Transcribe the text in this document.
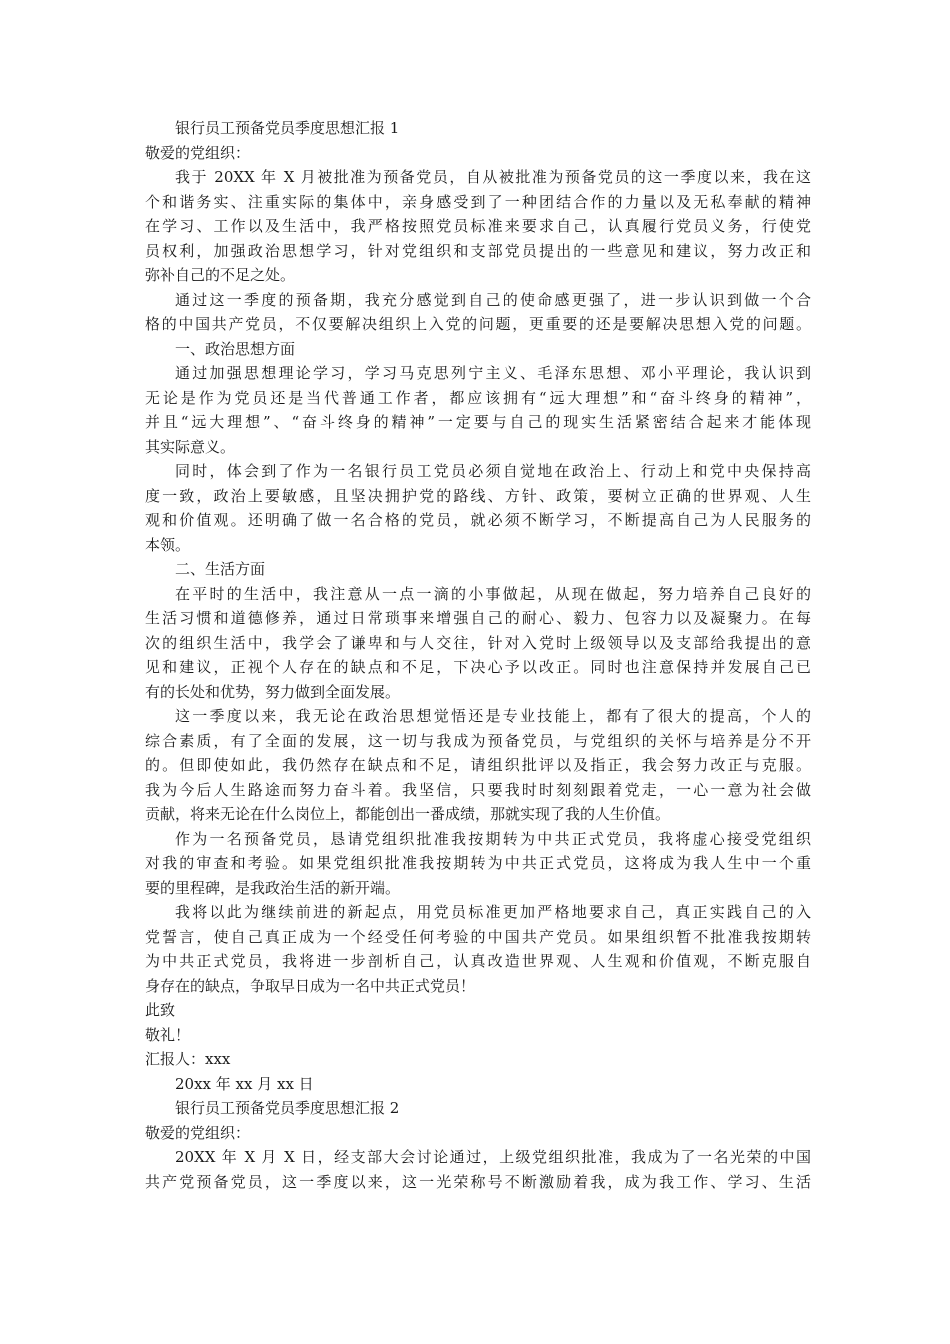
银行员工预备党员季度思想汇报 1
敬爱的党组织：
我于 20XX 年 X 月被批准为预备党员，自从被批准为预备党员的这一季度以来，我在这
个和谐务实、注重实际的集体中，亲身感受到了一种团结合作的力量以及无私奉献的精神
在学习、工作以及生活中，我严格按照党员标准来要求自己，认真履行党员义务，行使党
员权利，加强政治思想学习，针对党组织和支部党员提出的一些意见和建议，努力改正和
弥补自己的不足之处。
通过这一季度的预备期，我充分感觉到自己的使命感更强了，进一步认识到做一个合
格的中国共产党员，不仅要解决组织上入党的问题，更重要的还是要解决思想入党的问题。
一、政治思想方面
通过加强思想理论学习，学习马克思列宁主义、毛泽东思想、邓小平理论，我认识到
无论是作为党员还是当代普通工作者，都应该拥有“远大理想”和“奋斗终身的精神”，
并且“远大理想”、“奋斗终身的精神”一定要与自己的现实生活紧密结合起来才能体现
其实际意义。
同时，体会到了作为一名银行员工党员必须自觉地在政治上、行动上和党中央保持高
度一致，政治上要敏感，且坚决拥护党的路线、方针、政策，要树立正确的世界观、人生
观和价值观。还明确了做一名合格的党员，就必须不断学习，不断提高自己为人民服务的
本领。
二、生活方面
在平时的生活中，我注意从一点一滴的小事做起，从现在做起，努力培养自己良好的
生活习惯和道德修养，通过日常琐事来增强自己的耐心、毅力、包容力以及凝聚力。在每
次的组织生活中，我学会了谦卑和与人交往，针对入党时上级领导以及支部给我提出的意
见和建议，正视个人存在的缺点和不足，下决心予以改正。同时也注意保持并发展自己已
有的长处和优势，努力做到全面发展。
这一季度以来，我无论在政治思想觉悟还是专业技能上，都有了很大的提高，个人的
综合素质，有了全面的发展，这一切与我成为预备党员，与党组织的关怀与培养是分不开
的。但即使如此，我仍然存在缺点和不足，请组织批评以及指正，我会努力改正与克服。
我为今后人生路途而努力奋斗着。我坚信，只要我时时刻刻跟着党走，一心一意为社会做
贡献，将来无论在什么岗位上，都能创出一番成绩，那就实现了我的人生价值。
作为一名预备党员，恳请党组织批准我按期转为中共正式党员，我将虚心接受党组织
对我的审查和考验。如果党组织批准我按期转为中共正式党员，这将成为我人生中一个重
要的里程碑，是我政治生活的新开端。
我将以此为继续前进的新起点，用党员标准更加严格地要求自己，真正实践自己的入
党誓言，使自己真正成为一个经受任何考验的中国共产党员。如果组织暂不批准我按期转
为中共正式党员，我将进一步剖析自己，认真改造世界观、人生观和价值观，不断克服自
身存在的缺点，争取早日成为一名中共正式党员！
此致
敬礼！
汇报人：xxx
20xx 年 xx 月 xx 日
银行员工预备党员季度思想汇报 2
敬爱的党组织：
20XX 年 X 月 X 日，经支部大会讨论通过，上级党组织批准，我成为了一名光荣的中国
共产党预备党员，这一季度以来，这一光荣称号不断激励着我，成为我工作、学习、生活
